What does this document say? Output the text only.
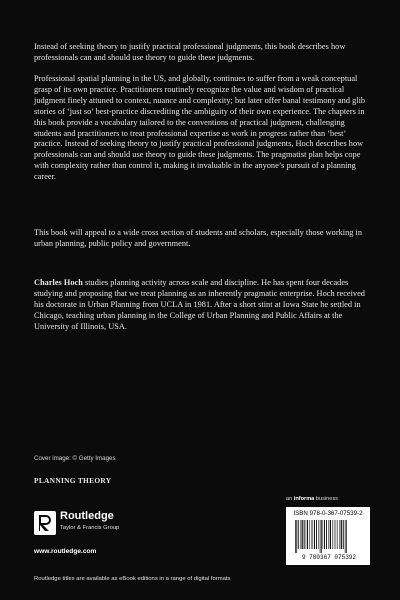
Instead of seeking theory to justify practical professional judgments, this book describes how professionals can and should use theory to guide these judgments.

Professional spatial planning in the US, and globally, continues to suffer from a weak conceptual grasp of its own practice. Practitioners routinely recognize the value and wisdom of practical judgment finely attuned to context, nuance and complexity; but later offer banal testimony and glib stories of ‘just so’ best-practice discrediting the ambiguity of their own experience. The chapters in this book provide a vocabulary tailored to the conventions of practical judgment, challenging students and practitioners to treat professional expertise as work in progress rather than ‘best’ practice. Instead of seeking theory to justify practical professional judgments, Hoch describes how professionals can and should use theory to guide these judgments. The pragmatist plan helps cope with complexity rather than control it, making it invaluable in the anyone’s pursuit of a planning career.

This book will appeal to a wide cross section of students and scholars, especially those working in urban planning, public policy and government.

Charles Hoch studies planning activity across scale and discipline. He has spent four decades studying and proposing that we treat planning as an inherently pragmatic enterprise. Hoch received his doctorate in Urban Planning from UCLA in 1981. After a short stint at Iowa State he settled in Chicago, teaching urban planning in the College of Urban Planning and Public Affairs at the University of Illinois, USA.

Cover image: © Getty Images
PLANNING THEORY
Routledge
Taylor & Francis Group
www.routledge.com
Routledge titles are available as eBook editions in a range of digital formats
an informa business
ISBN 978-0-367-07539-2
9 780367 075392
